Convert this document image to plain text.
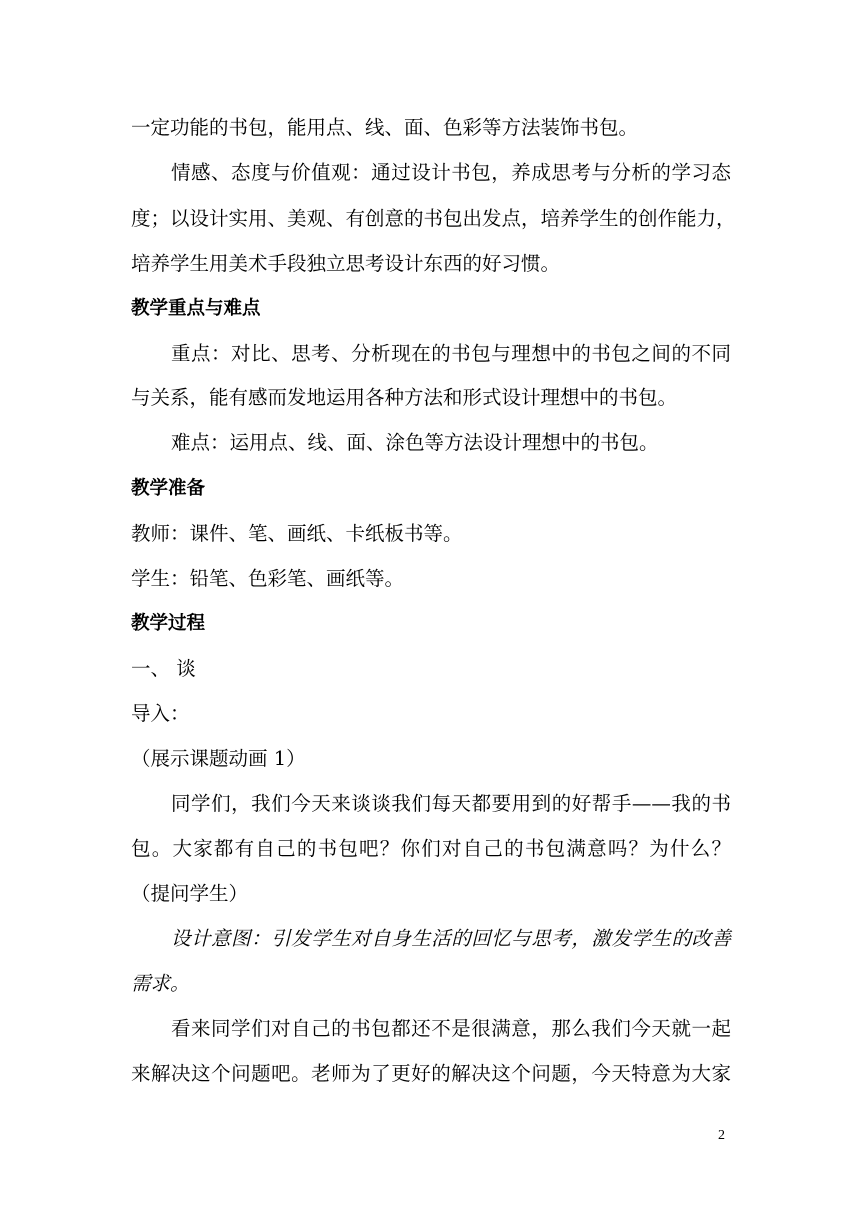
一定功能的书包，能用点、线、面、色彩等方法装饰书包。
情感、态度与价值观：通过设计书包，养成思考与分析的学习态
度；以设计实用、美观、有创意的书包出发点，培养学生的创作能力，
培养学生用美术手段独立思考设计东西的好习惯。
教学重点与难点
重点：对比、思考、分析现在的书包与理想中的书包之间的不同
与关系，能有感而发地运用各种方法和形式设计理想中的书包。
难点：运用点、线、面、涂色等方法设计理想中的书包。
教学准备
教师：课件、笔、画纸、卡纸板书等。
学生：铅笔、色彩笔、画纸等。
教学过程
一、 谈
导入：
（展示课题动画 1）
同学们，我们今天来谈谈我们每天都要用到的好帮手——我的书
包。大家都有自己的书包吧？你们对自己的书包满意吗？为什么？
（提问学生）
设计意图：引发学生对自身生活的回忆与思考，激发学生的改善
需求。
看来同学们对自己的书包都还不是很满意，那么我们今天就一起
来解决这个问题吧。老师为了更好的解决这个问题，今天特意为大家
2
